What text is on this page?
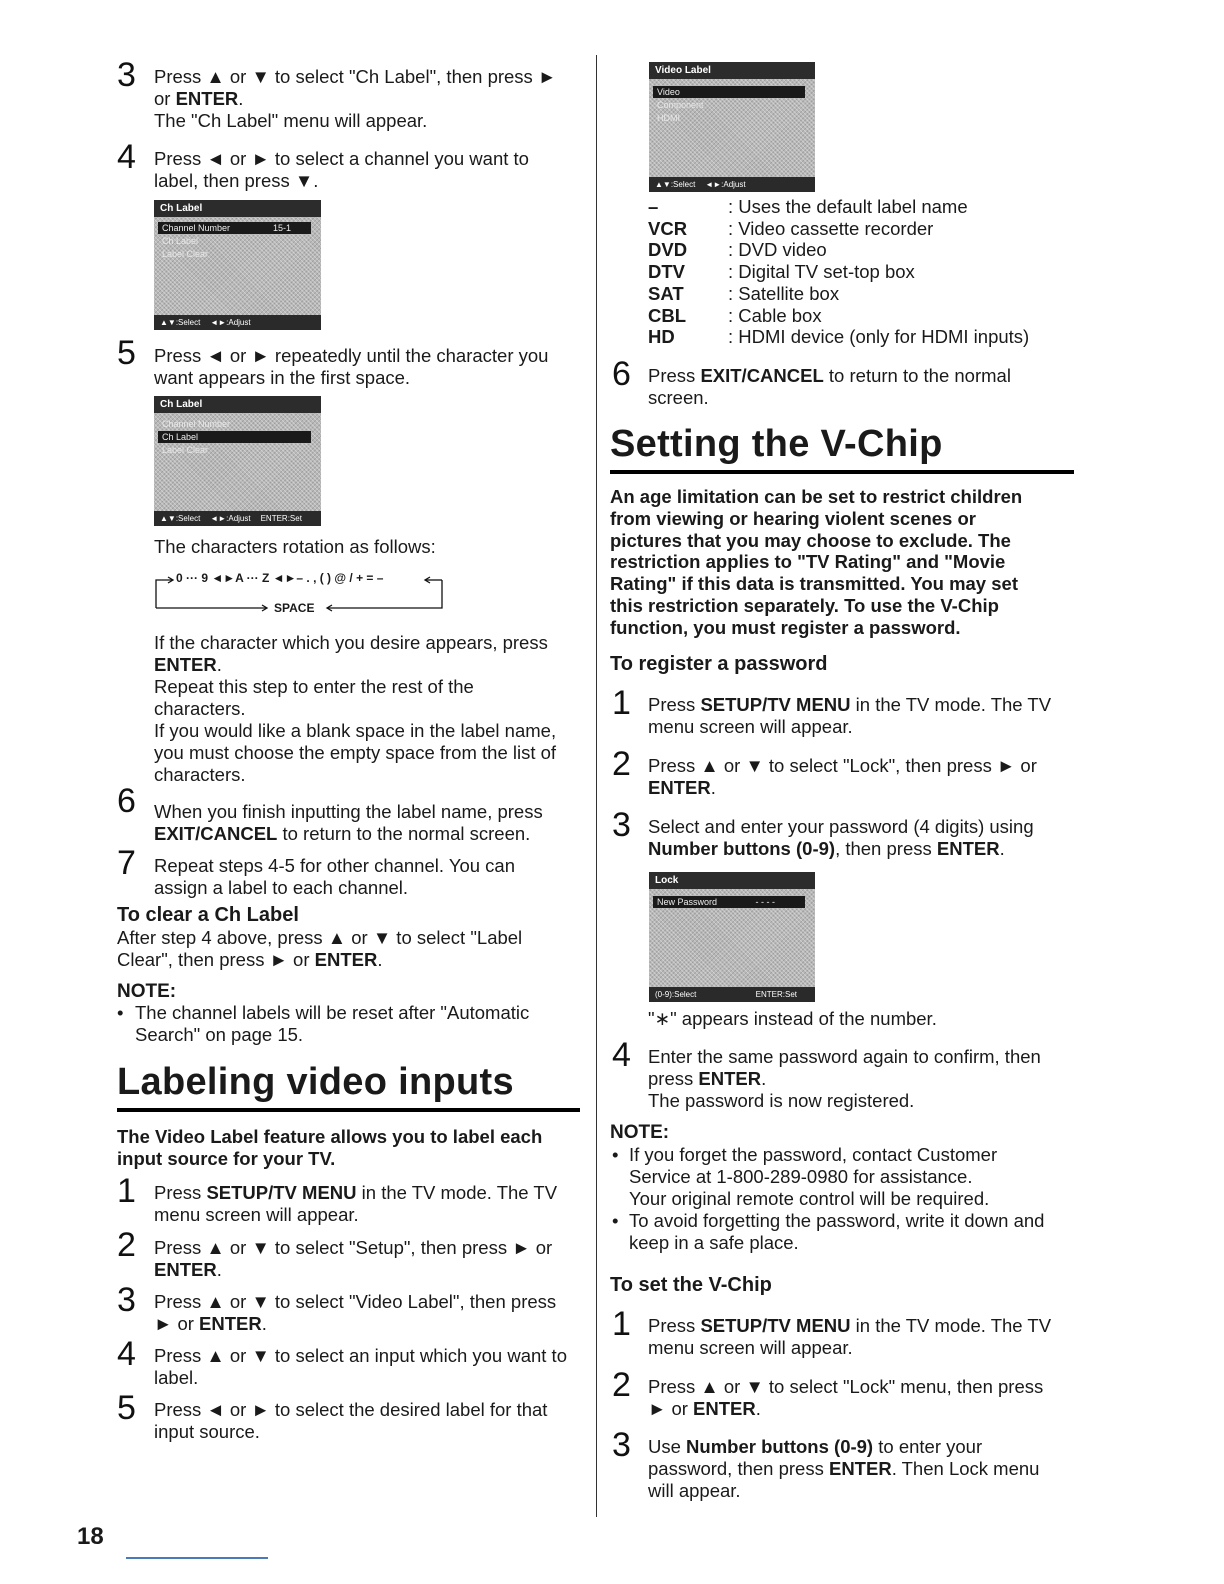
3 Press ▲ or ▼ to select "Ch Label", then press ►
or ENTER.
The "Ch Label" menu will appear.
4 Press ◄ or ► to select a channel you want to
label, then press ▼.
Ch Label
Channel Number	15-1
Ch Label
Label Clear
▲▼:Select ◄►:Adjust
5 Press ◄ or ► repeatedly until the character you
want appears in the first space.
Ch Label
Channel Number
Ch Label
Label Clear
▲▼:Select ◄►:Adjust ENTER:Set
The characters rotation as follows:
0 ··· 9 ◄►A ··· Z ◄►– . , ( ) @ / + = –
SPACE
If the character which you desire appears, press
ENTER.
Repeat this step to enter the rest of the
characters.
If you would like a blank space in the label name,
you must choose the empty space from the list of
characters.
6 When you finish inputting the label name, press
EXIT/CANCEL to return to the normal screen.
7 Repeat steps 4-5 for other channel. You can
assign a label to each channel.
To clear a Ch Label
After step 4 above, press ▲ or ▼ to select "Label
Clear", then press ► or ENTER.
NOTE:
• The channel labels will be reset after "Automatic
Search" on page 15.
Labeling video inputs
The Video Label feature allows you to label each
input source for your TV.
1 Press SETUP/TV MENU in the TV mode. The TV
menu screen will appear.
2 Press ▲ or ▼ to select "Setup", then press ► or
ENTER.
3 Press ▲ or ▼ to select "Video Label", then press
► or ENTER.
4 Press ▲ or ▼ to select an input which you want to
label.
5 Press ◄ or ► to select the desired label for that
input source.
Video Label
Video
Component
HDMI
▲▼:Select ◄►:Adjust
–	: Uses the default label name
VCR	: Video cassette recorder
DVD	: DVD video
DTV	: Digital TV set-top box
SAT	: Satellite box
CBL	: Cable box
HD	: HDMI device (only for HDMI inputs)
6 Press EXIT/CANCEL to return to the normal
screen.
Setting the V-Chip
An age limitation can be set to restrict children
from viewing or hearing violent scenes or
pictures that you may choose to exclude. The
restriction applies to "TV Rating" and "Movie
Rating" if this data is transmitted. You may set
this restriction separately. To use the V-Chip
function, you must register a password.
To register a password
1 Press SETUP/TV MENU in the TV mode. The TV
menu screen will appear.
2 Press ▲ or ▼ to select "Lock", then press ► or
ENTER.
3 Select and enter your password (4 digits) using
Number buttons (0-9), then press ENTER.
Lock
New Password	- - - -
(0-9):Select	ENTER:Set
"∗" appears instead of the number.
4 Enter the same password again to confirm, then
press ENTER.
The password is now registered.
NOTE:
• If you forget the password, contact Customer
Service at 1-800-289-0980 for assistance.
Your original remote control will be required.
• To avoid forgetting the password, write it down and
keep in a safe place.
To set the V-Chip
1 Press SETUP/TV MENU in the TV mode. The TV
menu screen will appear.
2 Press ▲ or ▼ to select "Lock" menu, then press
► or ENTER.
3 Use Number buttons (0-9) to enter your
password, then press ENTER. Then Lock menu
will appear.
18
